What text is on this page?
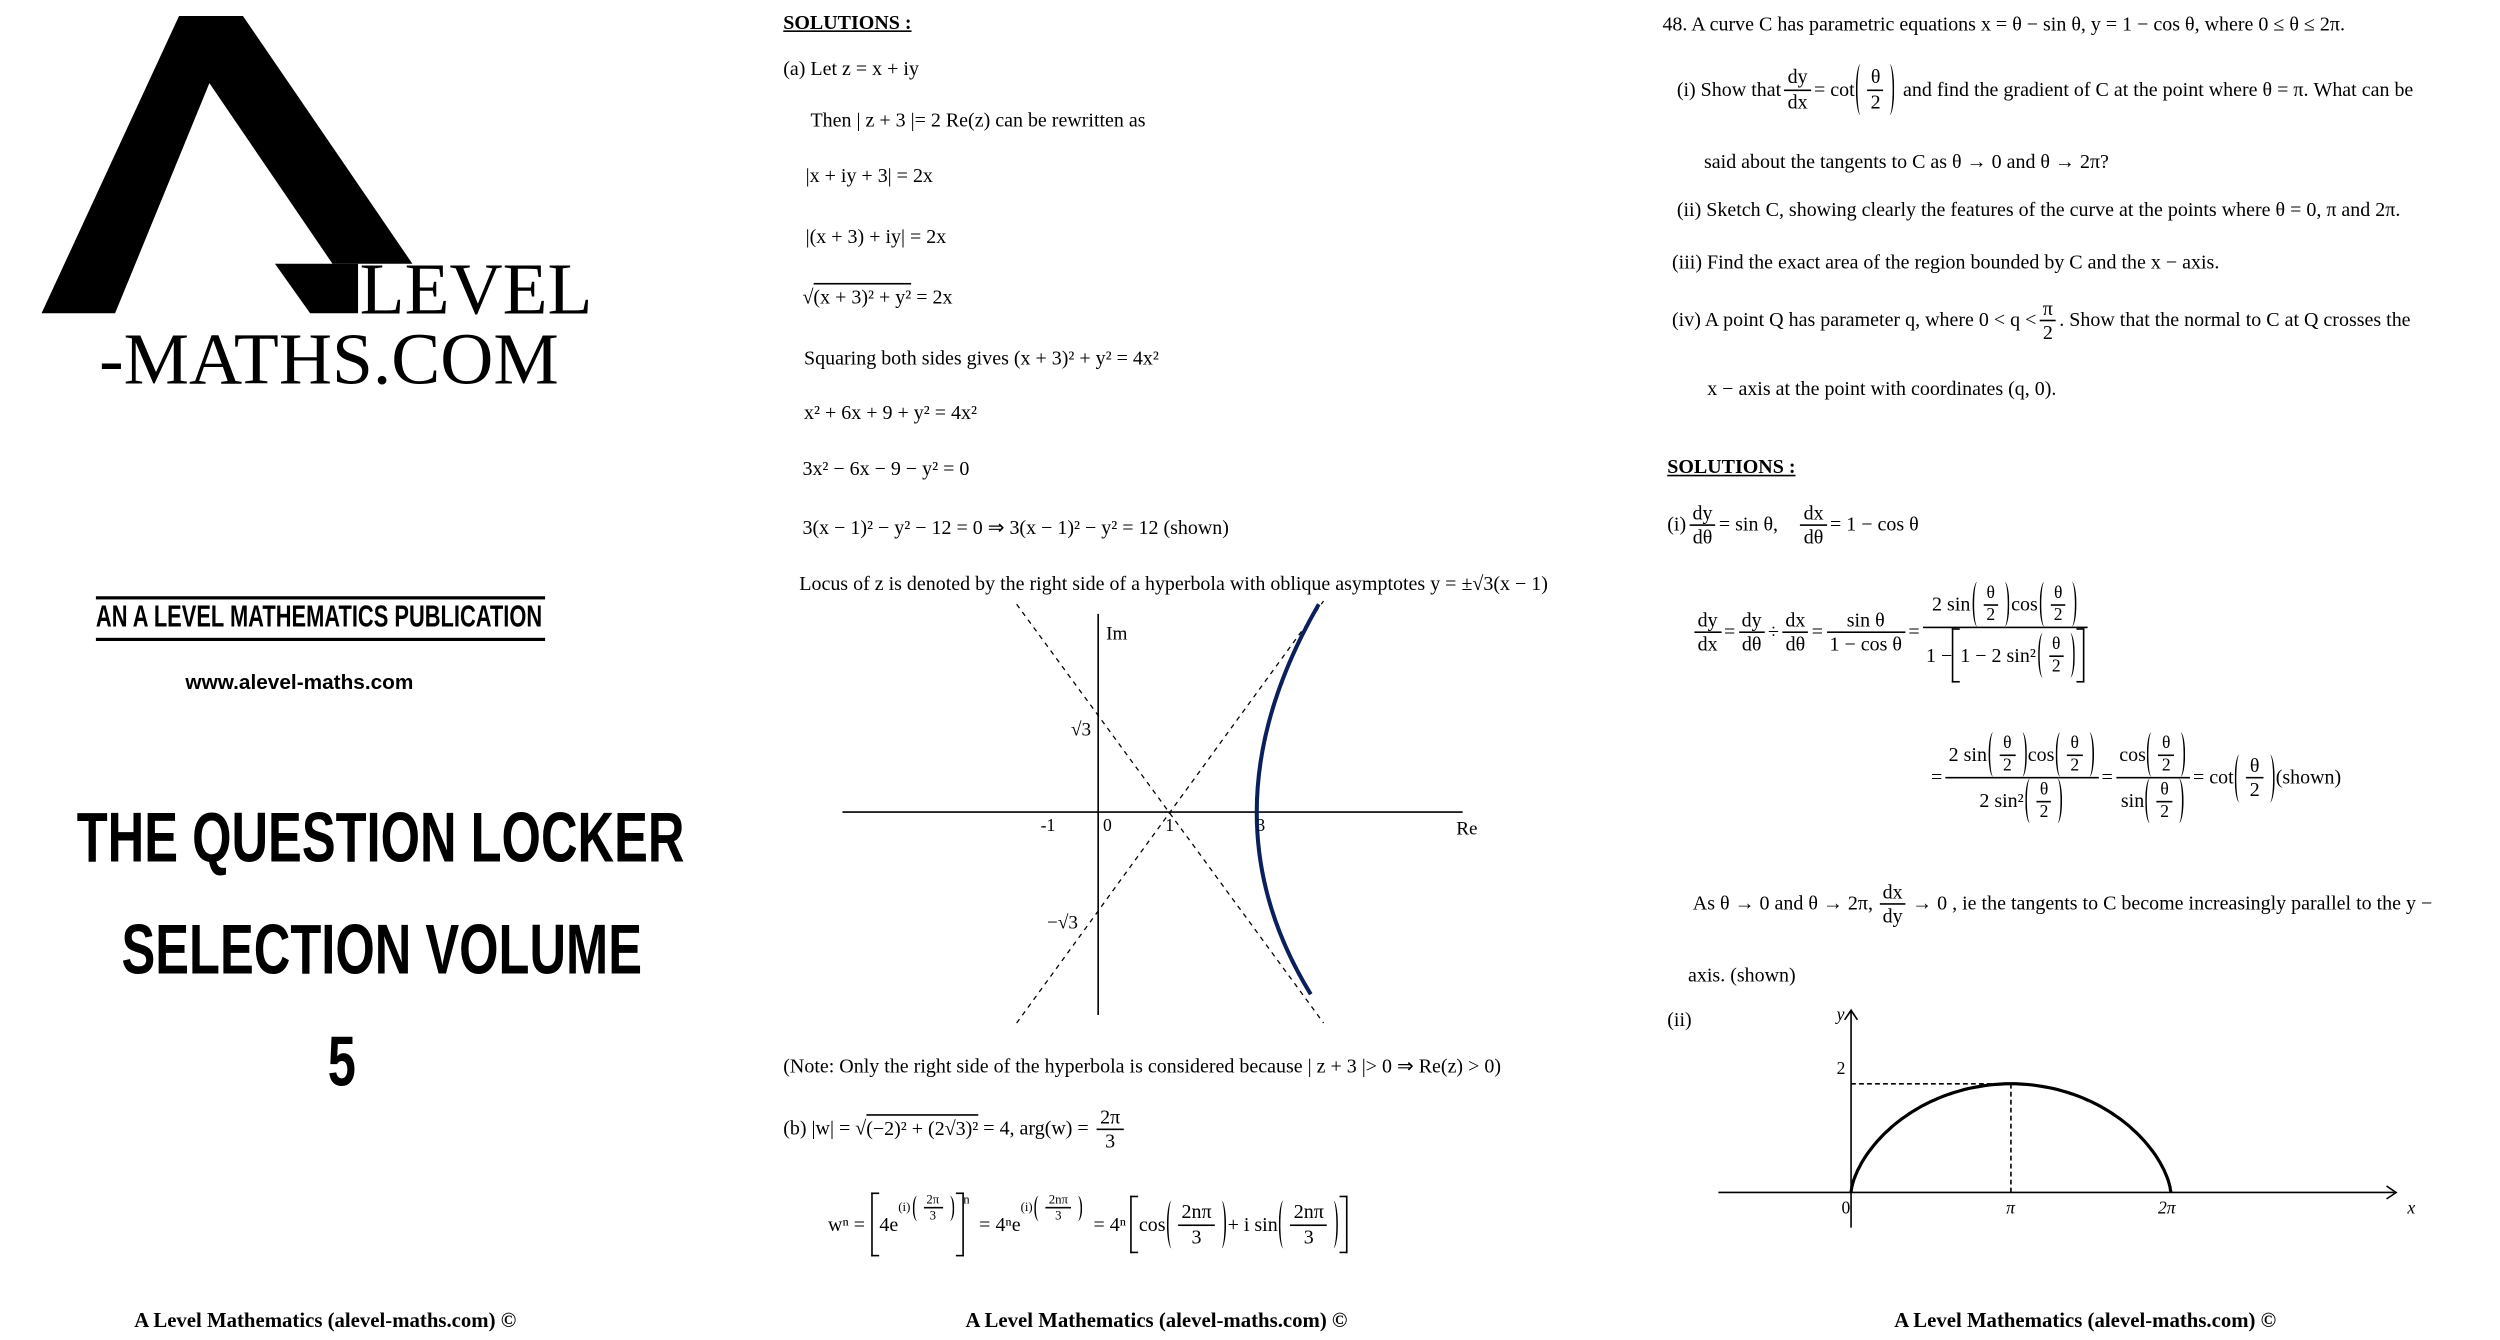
LEVEL
-MATHS.COM
AN A LEVEL MATHEMATICS PUBLICATION
www.alevel-maths.com
THE QUESTION LOCKER
SELECTION VOLUME
5
A Level Mathematics (alevel-maths.com) ©
SOLUTIONS :
(a) Let z = x + iy
Then | z + 3 |= 2 Re(z) can be rewritten as
|x + iy + 3| = 2x
|(x + 3) + iy| = 2x
√(x + 3)² + y² = 2x
Squaring both sides gives (x + 3)² + y² = 4x²
x² + 6x + 9 + y² = 4x²
3x² − 6x − 9 − y² = 0
3(x − 1)² − y² − 12 = 0 ⇒ 3(x − 1)² − y² = 12 (shown)
Locus of z is denoted by the right side of a hyperbola with oblique asymptotes y = ±√3(x − 1)
Im
√3
−√3
-1	0	1	3	Re
(Note: Only the right side of the hyperbola is considered because | z + 3 |> 0 ⇒ Re(z) > 0)
(b) |w| = √(−2)² + (2√3)² = 4, $arg(w) = \frac{2\pi}{3}$
wⁿ = 4e
$^{(i) \frac{2\pi}{3}}$	$^n$
= 4ⁿe
$^{(i) \frac{2n\pi}{3}}$
= 4ⁿ $\cos \frac{2n\pi}{3} + i$ $\sin \frac{2n\pi}{3}$
A Level Mathematics (alevel-maths.com) ©
48. A curve C has parametric equations x = θ − sin θ, y = 1 − cos θ, where 0 ≤ θ ≤ 2π.
(i) Show that $\frac{dy}{dx} = \cot \frac{\theta}{2}$ and find the gradient of C at the point where θ = π. What can be
said about the tangents to C as θ → 0 and θ → 2π?
(ii) Sketch C, showing clearly the features of the curve at the points where θ = 0, π and 2π.
(iii) Find the exact area of the region bounded by C and the x − axis.
(iv) A point Q has parameter q, where $0 < q < \frac{\pi}{2}$ . Show that the normal to C at Q crosses the
x − axis at the point with coordinates (q, 0).
SOLUTIONS :
$(i) \frac{dy}{d\theta} = \sin \theta$, $\frac{dx}{d\theta} = 1 - \cos \theta$
$\frac{dy}{dx} = \frac{dy}{d\theta} \div \frac{dx}{d\theta} = \frac{\text{sin θ}}{\text{1 − cos θ}} = \frac{2 \sin \frac{\theta}{2} \cos \frac{\theta}{2}}{1 - 1 - 2 \sin^2 \frac{\theta}{2}}$
= $\frac{2 \sin \frac{\theta}{2} \cos \frac{\theta}{2}}{2 \sin^2 \frac{\theta}{2}} = \frac{\cos \frac{\theta}{2}}{\sin \frac{\theta}{2}} = \cot \frac{\theta}{2}$ (shown)
As θ → 0 and θ → 2π, $\frac{dx}{dy} \to 0$ , ie the tangents to C become increasingly parallel to the y −
axis. (shown)
(ii)	y
2
0	π	2π	x
A Level Mathematics (alevel-maths.com) ©
